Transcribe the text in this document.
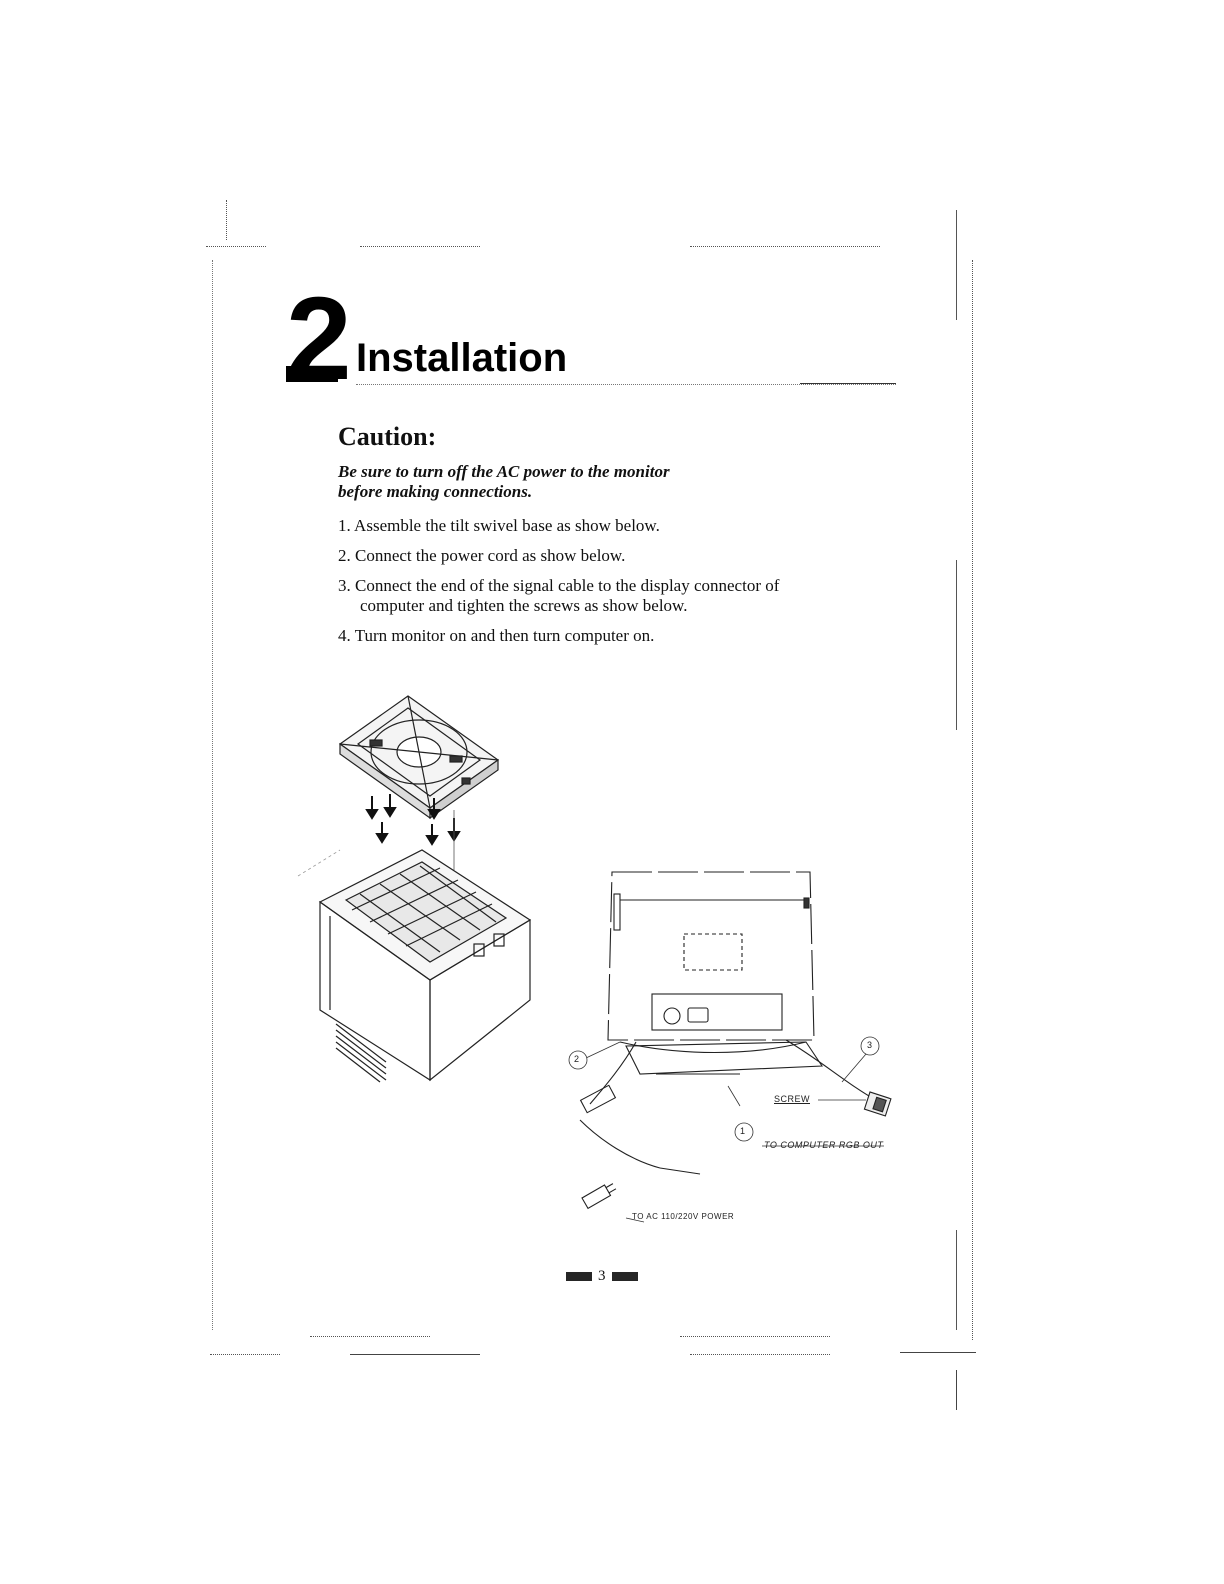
2 Installation
Caution:
Be sure to turn off the AC power to the monitor
before making connections.
1. Assemble the tilt swivel base as show below.
2. Connect the power cord as show below.
3. Connect the end of the signal cable to the display connector of
computer and tighten the screws as show below.
4. Turn monitor on and then turn computer on.
2
1
3
SCREW
TO COMPUTER RGB OUT
TO AC 110/220V POWER
3
